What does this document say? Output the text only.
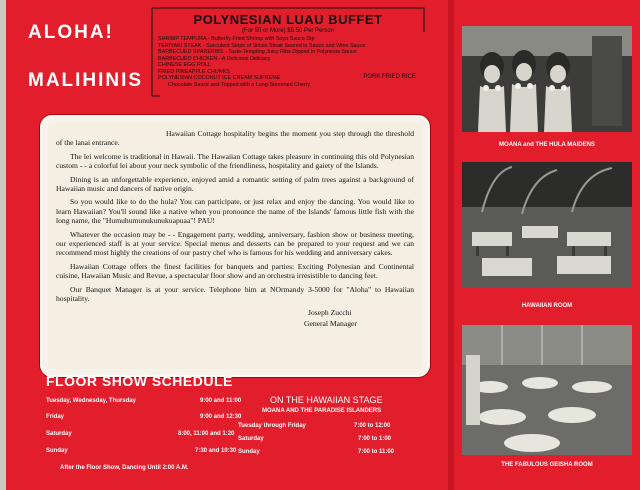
ALOHA!
MALIHINIS
POLYNESIAN LUAU BUFFET
(For 50 or More) $6.50 Per Person
SHRIMP TEMPURA - Butterfly Fried Shrimp with Soya Sauce Dip
TERIYAKI STEAK - Succulent Strips of Sirloin Steak Seared in Sauce and Wine Sauce
BARBECUED SPARERIBS - Taste-Tempting Juicy Ribs Dipped in Polynesia Sauce
BARBECUED CHICKEN - A Delicious Delicacy
CHINESE EGG ROLL
FRIED PINEAPPLE CHUNKS
POLYNESIAN COCONUT ICE CREAM SUPREME
Chocolate Sauce and Topped with a Long-Stemmed Cherry
PORK FRIED RICE

Hawaiian Cottage hospitality begins the moment you step through the threshold of the lanai entrance.

The lei welcome is traditional in Hawaii. The Hawaiian Cottage takes pleasure in continuing this old Polynesian custom - - a colorful lei about your neck symbolic of the friendliness, hospitality and gaiety of the Islands.

Dining is an unforgettable experience, enjoyed amid a romantic setting of palm trees against a background of Hawaiian music and dancers of native origin.

So you would like to do the hula? You can participate, or just relax and enjoy the dancing. You would like to learn Hawaiian? You'll sound like a native when you pronounce the name of the Islands' famous little fish with the long name, the "Humuhumunukunukuapuaa"! PAU!

Whatever the occasion may be - - Engagement party, wedding, anniversary, fashion show or business meeting, our experienced staff is at your service. Special menus and desserts can be prepared to your request and we can recommend most highly the creations of our pastry chef who is famous for his wedding and anniversary cakes.

Hawaiian Cottage offers the finest facilities for banquets and parties: Exciting Polynesian and Continental cuisine, Hawaiian Music and Revue, a spectacular floor show and an orchestra irresistible to dancing feet.

Our Banquet Manager is at your service. Telephone him at NOrmandy 3-5000 for "Aloha" to Hawaiian hospitality.

Joseph Zucchi

General Manager

FLOOR SHOW SCHEDULE
Tuesday, Wednesday, Thursday	9:00 and 11:00
Friday	9:00 and 12:30
Saturday	8:00, 11:00 and 1:20
Sunday	7:30 and 10:30
After the Floor Show, Dancing Until 2:00 A.M.
ON THE HAWAIIAN STAGE
MOANA AND THE PARADISE ISLANDERS
Tuesday through Friday	7:00 to 12:00
Saturday	7:00 to 1:00
Sunday	7:00 to 11:00
MOANA and THE HULA MAIDENS
HAWAIIAN ROOM
THE FABULOUS GEISHA ROOM
